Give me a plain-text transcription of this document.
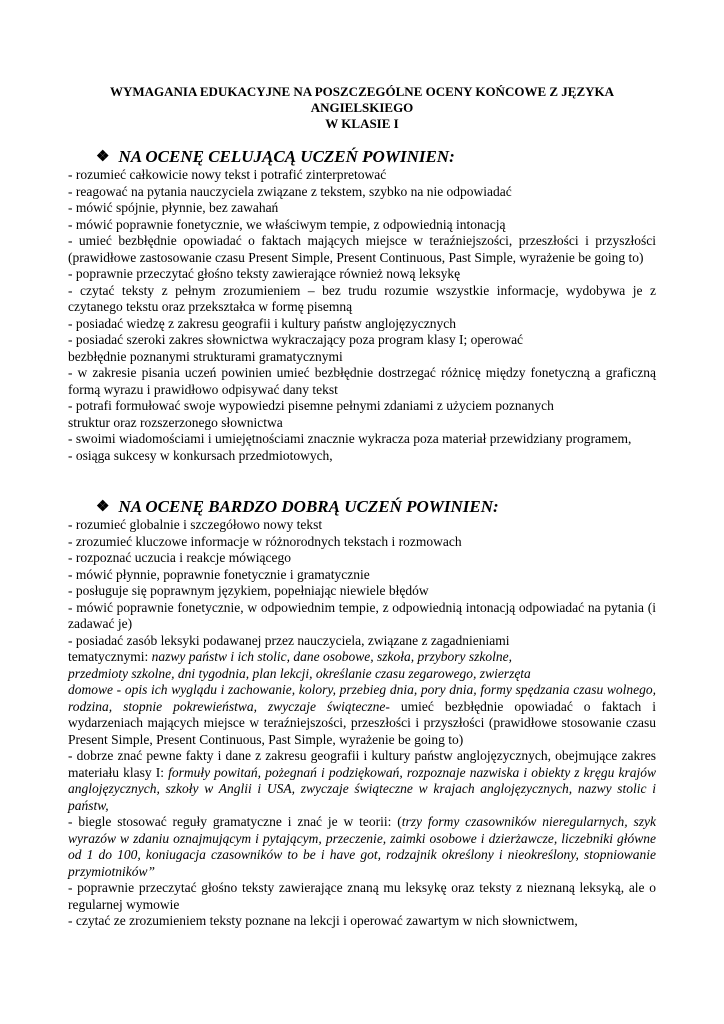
WYMAGANIA EDUKACYJNE NA POSZCZEGÓLNE OCENY KOŃCOWE Z JĘZYKA
ANGIELSKIEGO
W KLASIE I
❖ NA OCENĘ CELUJĄCĄ UCZEŃ POWINIEN:
- rozumieć całkowicie nowy tekst i potrafić zinterpretować
- reagować na pytania nauczyciela związane z tekstem, szybko na nie odpowiadać
- mówić spójnie, płynnie, bez zawahań
- mówić poprawnie fonetycznie, we właściwym tempie, z odpowiednią intonacją
- umieć bezbłędnie opowiadać o faktach mających miejsce w teraźniejszości, przeszłości i przyszłości (prawidłowe zastosowanie czasu Present Simple, Present Continuous, Past Simple, wyrażenie be going to)
- poprawnie przeczytać głośno teksty zawierające również nową leksykę
- czytać teksty z pełnym zrozumieniem – bez trudu rozumie wszystkie informacje, wydobywa je z czytanego tekstu oraz przekształca w formę pisemną
- posiadać wiedzę z zakresu geografii i kultury państw anglojęzycznych
- posiadać szeroki zakres słownictwa wykraczający poza program klasy I; operować
bezbłędnie poznanymi strukturami gramatycznymi
- w zakresie pisania uczeń powinien umieć bezbłędnie dostrzegać różnicę między fonetyczną a graficzną formą wyrazu i prawidłowo odpisywać dany tekst
- potrafi formułować swoje wypowiedzi pisemne pełnymi zdaniami z użyciem poznanych
struktur oraz rozszerzonego słownictwa
- swoimi wiadomościami i umiejętnościami znacznie wykracza poza materiał przewidziany programem,
- osiąga sukcesy w konkursach przedmiotowych,
❖ NA OCENĘ BARDZO DOBRĄ UCZEŃ POWINIEN:
- rozumieć globalnie i szczegółowo nowy tekst
- zrozumieć kluczowe informacje w różnorodnych tekstach i rozmowach
- rozpoznać uczucia i reakcje mówiącego
- mówić płynnie, poprawnie fonetycznie i gramatycznie
- posługuje się poprawnym językiem, popełniając niewiele błędów
- mówić poprawnie fonetycznie, w odpowiednim tempie, z odpowiednią intonacją odpowiadać na pytania (i zadawać je)
- posiadać zasób leksyki podawanej przez nauczyciela, związane z zagadnieniami
tematycznymi: nazwy państw i ich stolic, dane osobowe, szkoła, przybory szkolne,
przedmioty szkolne, dni tygodnia, plan lekcji, określanie czasu zegarowego, zwierzęta
domowe - opis ich wyglądu i zachowanie, kolory, przebieg dnia, pory dnia, formy spędzania czasu wolnego, rodzina, stopnie pokrewieństwa, zwyczaje świąteczne- umieć bezbłędnie opowiadać o faktach i wydarzeniach mających miejsce w teraźniejszości, przeszłości i przyszłości (prawidłowe stosowanie czasu Present Simple, Present Continuous, Past Simple, wyrażenie be going to)
- dobrze znać pewne fakty i dane z zakresu geografii i kultury państw anglojęzycznych, obejmujące zakres materiału klasy I: formuły powitań, pożegnań i podziękowań, rozpoznaje nazwiska i obiekty z kręgu krajów anglojęzycznych, szkoły w Anglii i USA, zwyczaje świąteczne w krajach anglojęzycznych, nazwy stolic i państw,
- biegle stosować reguły gramatyczne i znać je w teorii: (trzy formy czasowników nieregularnych, szyk wyrazów w zdaniu oznajmującym i pytającym, przeczenie, zaimki osobowe i dzierżawcze, liczebniki główne od 1 do 100, koniugacja czasowników to be i have got, rodzajnik określony i nieokreślony, stopniowanie przymiotników”
- poprawnie przeczytać głośno teksty zawierające znaną mu leksykę oraz teksty z nieznaną leksyką, ale o regularnej wymowie
- czytać ze zrozumieniem teksty poznane na lekcji i operować zawartym w nich słownictwem,
